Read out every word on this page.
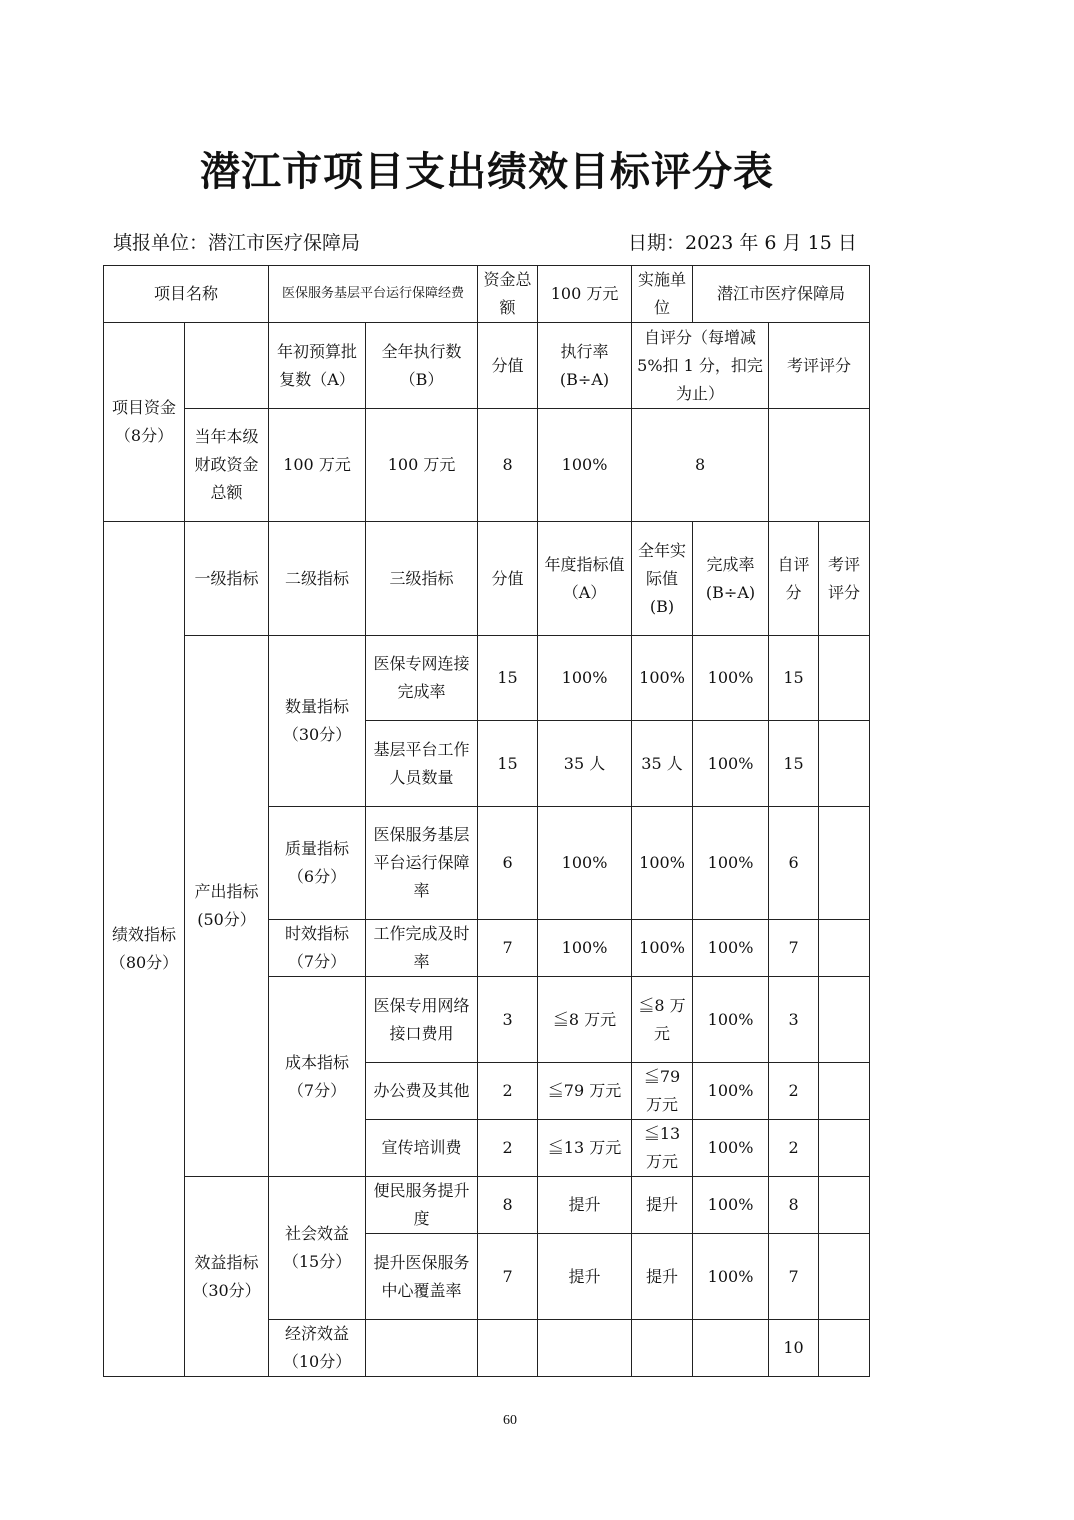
潜江市项目支出绩效目标评分表
填报单位：潜江市医疗保障局	日期：2023 年 6 月 15 日
项目名称		医保服务基层平台运行保障经费		资金总额	100 万元	实施单位	潜江市医疗保障局		
项目资金（8分）		年初预算批复数（A）	全年执行数（B）	分值	执行率(B÷A)	自评分（每增减 5%扣 1 分，扣完为止）		考评评分	
	当年本级财政资金总额	100 万元	100 万元	8	100%	8			
绩效指标（80分）	一级指标	二级指标	三级指标	分值	年度指标值（A）	全年实际值(B)	完成率(B÷A)	自评分	考评评分
	产出指标(50分）	数量指标（30分）	医保专网连接完成率	15	100%	100%	100%	15	
			基层平台工作人员数量	15	35 人	35 人	100%	15	
		质量指标（6分）	医保服务基层平台运行保障率	6	100%	100%	100%	6	
		时效指标（7分）	工作完成及时率	7	100%	100%	100%	7	
		成本指标（7分）	医保专用网络接口费用	3	≦8 万元	≦8 万元	100%	3	
			办公费及其他	2	≦79 万元	≦79 万元	100%	2	
			宣传培训费	2	≦13 万元	≦13 万元	100%	2	
	效益指标（30分）	社会效益（15分）	便民服务提升度	8	提升	提升	100%	8	
			提升医保服务中心覆盖率	7	提升	提升	100%	7	
		经济效益（10分）						10	
60
